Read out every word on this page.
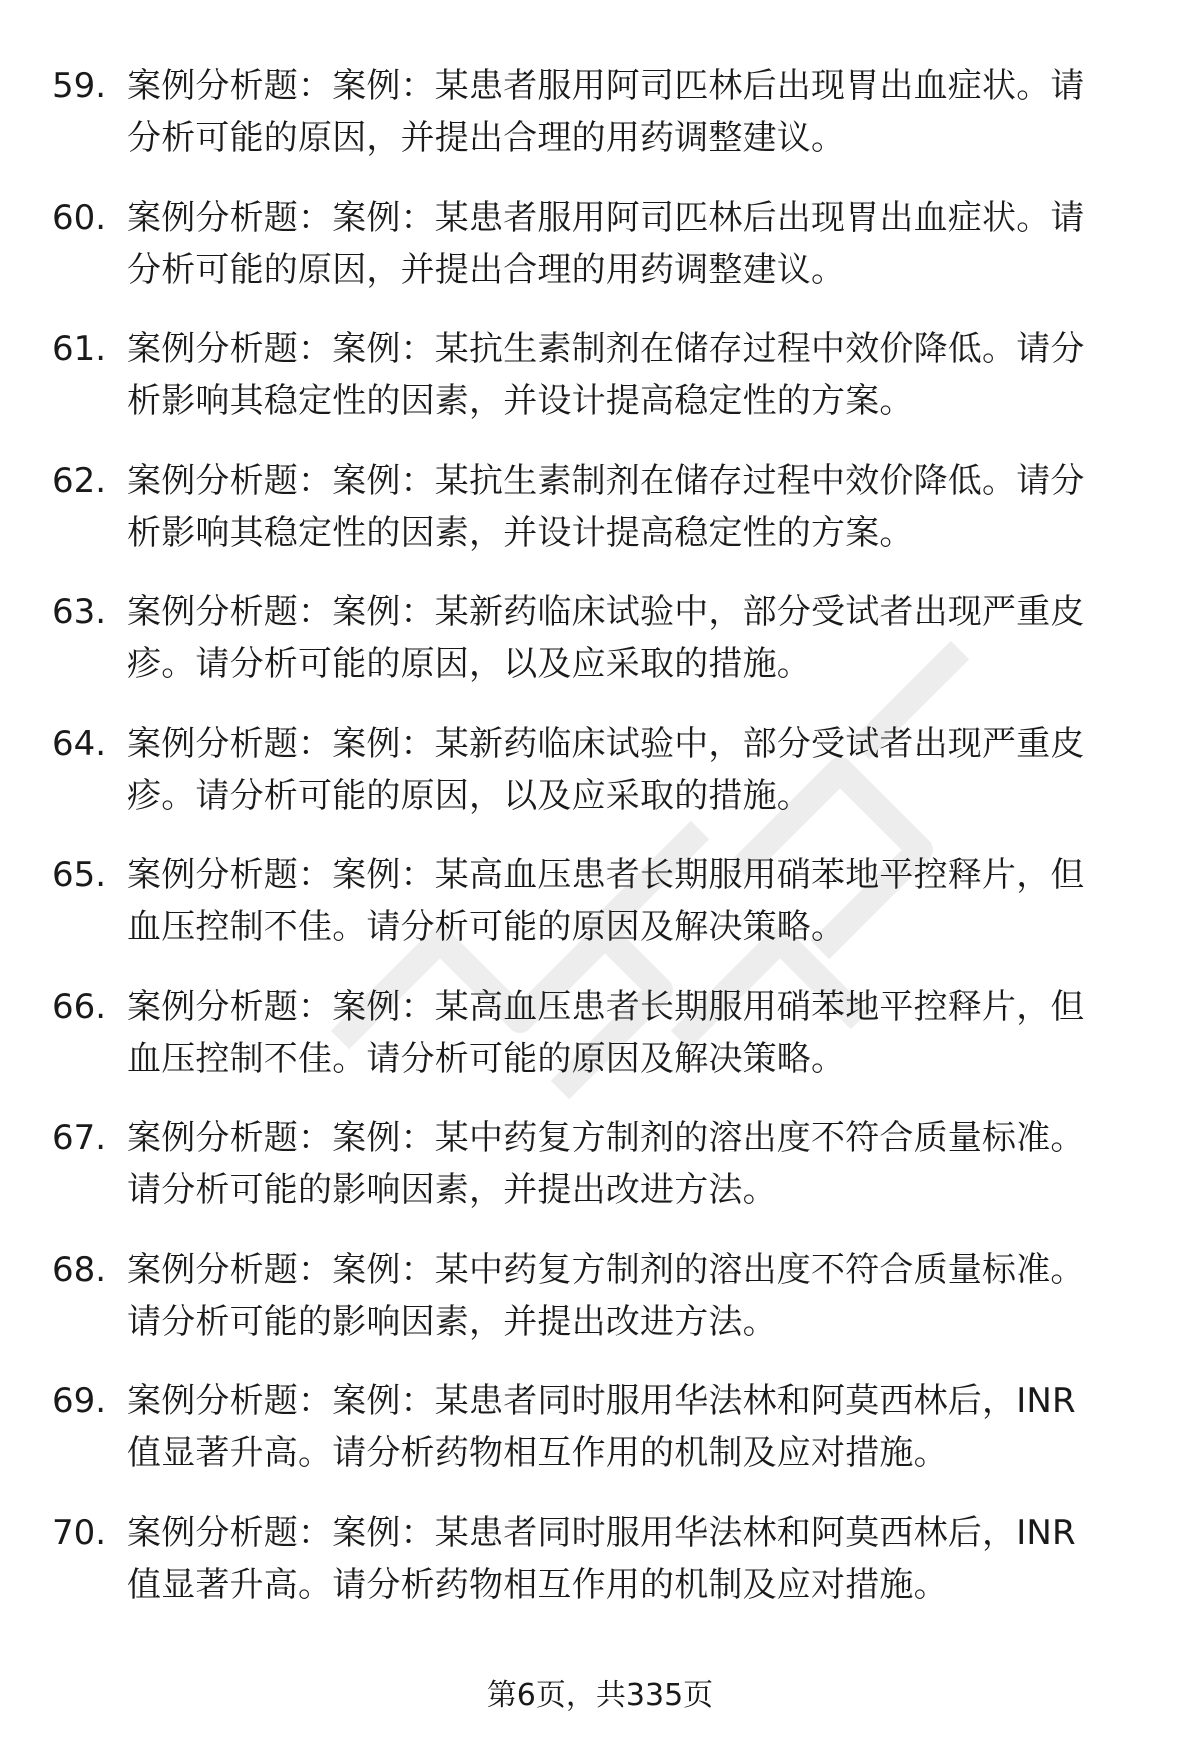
59. 案例分析题：案例：某患者服用阿司匹林后出现胃出血症状。请
分析可能的原因，并提出合理的用药调整建议。
60. 案例分析题：案例：某患者服用阿司匹林后出现胃出血症状。请
分析可能的原因，并提出合理的用药调整建议。
61. 案例分析题：案例：某抗生素制剂在储存过程中效价降低。请分
析影响其稳定性的因素，并设计提高稳定性的方案。
62. 案例分析题：案例：某抗生素制剂在储存过程中效价降低。请分
析影响其稳定性的因素，并设计提高稳定性的方案。
63. 案例分析题：案例：某新药临床试验中，部分受试者出现严重皮
疹。请分析可能的原因，以及应采取的措施。
64. 案例分析题：案例：某新药临床试验中，部分受试者出现严重皮
疹。请分析可能的原因，以及应采取的措施。
65. 案例分析题：案例：某高血压患者长期服用硝苯地平控释片，但
血压控制不佳。请分析可能的原因及解决策略。
66. 案例分析题：案例：某高血压患者长期服用硝苯地平控释片，但
血压控制不佳。请分析可能的原因及解决策略。
67. 案例分析题：案例：某中药复方制剂的溶出度不符合质量标准。
请分析可能的影响因素，并提出改进方法。
68. 案例分析题：案例：某中药复方制剂的溶出度不符合质量标准。
请分析可能的影响因素，并提出改进方法。
69. 案例分析题：案例：某患者同时服用华法林和阿莫西林后，INR
值显著升高。请分析药物相互作用的机制及应对措施。
70. 案例分析题：案例：某患者同时服用华法林和阿莫西林后，INR
值显著升高。请分析药物相互作用的机制及应对措施。
第6页，共335页
